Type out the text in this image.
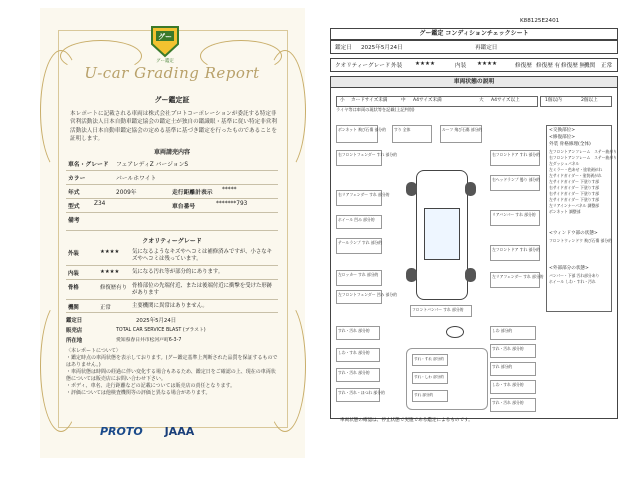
グー
グー鑑定
U-car Grading Report
グー鑑定証
本レポートに記載される車両は株式会社プロトコーポレーションが委託する特定非営利活動法人日本自動車鑑定協会の鑑定士が独自の鑑識眼・基準に従い特定非営利活動法人日本自動車鑑定協会の定める基準に基づき鑑定を行ったものであることを証明します。
車両請売内容
車名・グレード フェアレディZ バージョンS
カラー	パールホワイト
年式	2009年	走行距離計表示 *****
型式 Z34	車台番号	*******793
備考
クオリティーグレード
外装	★★★★ 気になるようなキズやヘコミは補修済みですが、小さなキズやヘコミは残っています。
内装	★★★★ 気になる汚れ等が部分的にあります。
骨格	修復歴有り 骨格部位の先端付近、または後端付近に衝撃を受けた形跡があります
機関	正常	主要機関に異常はありません。
鑑定日	2025年5月24日
販売店	TOTAL CAR SERVICE BLAST (ブラスト)
所在地	愛知県春日井市松河戸町6-3-7
〈本レポートについて〉
・鑑定時点の車両状態を表示しております。(グー鑑定基準上判断された品質を保証するものではありません。)
・車両状態は時間の経過に伴い変化する場合もあるため、鑑定日をご確認の上、現在の車両状態については販売店にお問い合わせ下さい。
・ボディ、車名、走行距離などの記載については販売店の責任となります。
・評価については他検査機関等の評価と異なる場合があります。
PROTO JAAA
K88125E2401
グー鑑定 コンディションチェックシート
鑑定日 2025年5月24日	再鑑定日
クオリティーグレード 外装 ★★★★	内装 ★★★★	修復歴 修復歴 有 修復歴 無
機関 正常
車両状態の説明
小 カードサイズ未満	中 A4サイズ未満	大 A4サイズ以上	1個以内	2個以上
ライヤ等は車両の現状等を記載(上記判別)
<交換部位>
<修復部位>
外装 骨格修理(全体)
左フロントアンフレーム　ステー曲がり
右フロントアンフレーム　ステー曲がり
左ダッシュパネル
左ミラー・色あせ・塗装剥がれ
左サイドガイダー・塗装剥がれ
左サイドガイダー 下塗りす部
右サイドガイダー 下塗りす部
右サイドガイダー 下塗りす部
左サイドガイダー 下塗りす部
左リアインナーパネル 調整部
ボンネット 調整部
<ウィンドウ部の状態>
フロントウィンドウ 飛び石傷 部分的
<外部部分の状態>
バンパー・下部 汚れ部分あり
ホイール しわ・すれ・汚れ
ボンネット 飛び石傷 部分的 すり 全体	ルーフ 飛び石傷 部分的
右フロントフェンダー すれ 部分的	右フロントドア すれ 部分的
右リアフェンダー すれ 部分的
右ヘッドランプ 曇り 部分的
テールランプ すれ 部分的
リアバンパー すれ 部分的
左ロッカー すれ 部分的
左フロントドア すれ 部分的
左リアフェンダー すれ 部分的
左フロントフェンダー 凹み 部分的
フロントバンパー すれ 部分的
ホイール 凹み 部分的
すれ・汚れ 部分的
しわ・すれ 部分的
すれ・汚れ 部分的
すれ・汚れ・ほつれ 部分的
しわ 部分的
すれ・汚れ 部分的
すれ 部分的
しわ・すれ 部分的
すれ・汚れ 部分的
すれ・すれ 部分的
すれ・しわ 部分的
すれ 部分的
車両状態の確認は、停止状態で実施である鑑定によるものです。
